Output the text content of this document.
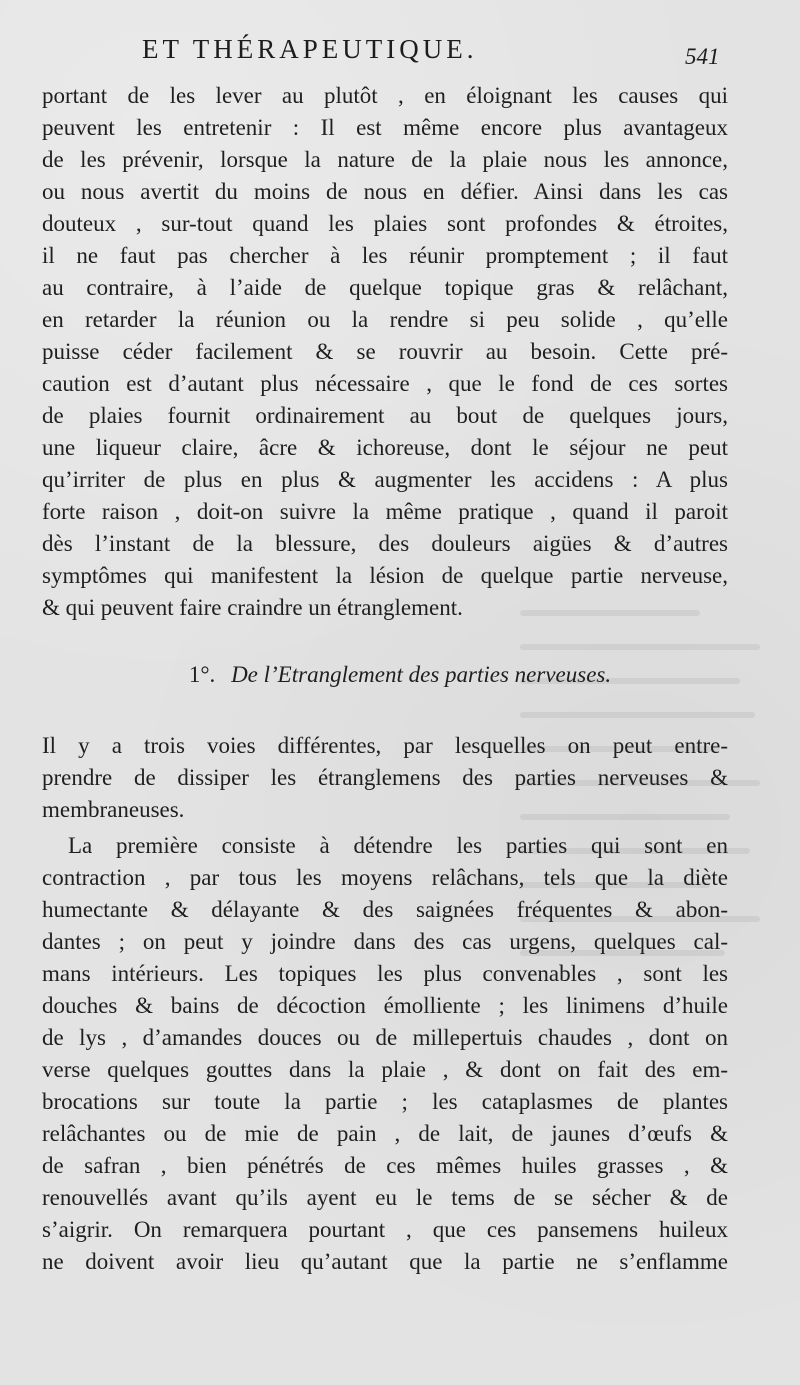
ET THÉRAPEUTIQUE.	541
portant de les lever au plutôt , en éloignant les causes qui
peuvent les entretenir : Il est même encore plus avantageux
de les prévenir, lorsque la nature de la plaie nous les annonce,
ou nous avertit du moins de nous en défier. Ainsi dans les cas
douteux , sur-tout quand les plaies sont profondes & étroites,
il ne faut pas chercher à les réunir promptement ; il faut
au contraire, à l’aide de quelque topique gras & relâchant,
en retarder la réunion ou la rendre si peu solide , qu’elle
puisse céder facilement & se rouvrir au besoin. Cette pré-
caution est d’autant plus nécessaire , que le fond de ces sortes
de plaies fournit ordinairement au bout de quelques jours,
une liqueur claire, âcre & ichoreuse, dont le séjour ne peut
qu’irriter de plus en plus & augmenter les accidens : A plus
forte raison , doit-on suivre la même pratique , quand il paroit
dès l’instant de la blessure, des douleurs aigües & d’autres
symptômes qui manifestent la lésion de quelque partie nerveuse,
& qui peuvent faire craindre un étranglement.
1°. De l’Etranglement des parties nerveuses.
Il y a trois voies différentes, par lesquelles on peut entre-
prendre de dissiper les étranglemens des parties nerveuses &
membraneuses.
La première consiste à détendre les parties qui sont en
contraction , par tous les moyens relâchans, tels que la diète
humectante & délayante & des saignées fréquentes & abon-
dantes ; on peut y joindre dans des cas urgens, quelques cal-
mans intérieurs. Les topiques les plus convenables , sont les
douches & bains de décoction émolliente ; les linimens d’huile
de lys , d’amandes douces ou de millepertuis chaudes , dont on
verse quelques gouttes dans la plaie , & dont on fait des em-
brocations sur toute la partie ; les cataplasmes de plantes
relâchantes ou de mie de pain , de lait, de jaunes d’œufs &
de safran , bien pénétrés de ces mêmes huiles grasses , &
renouvellés avant qu’ils ayent eu le tems de se sécher & de
s’aigrir. On remarquera pourtant , que ces pansemens huileux
ne doivent avoir lieu qu’autant que la partie ne s’enflamme
